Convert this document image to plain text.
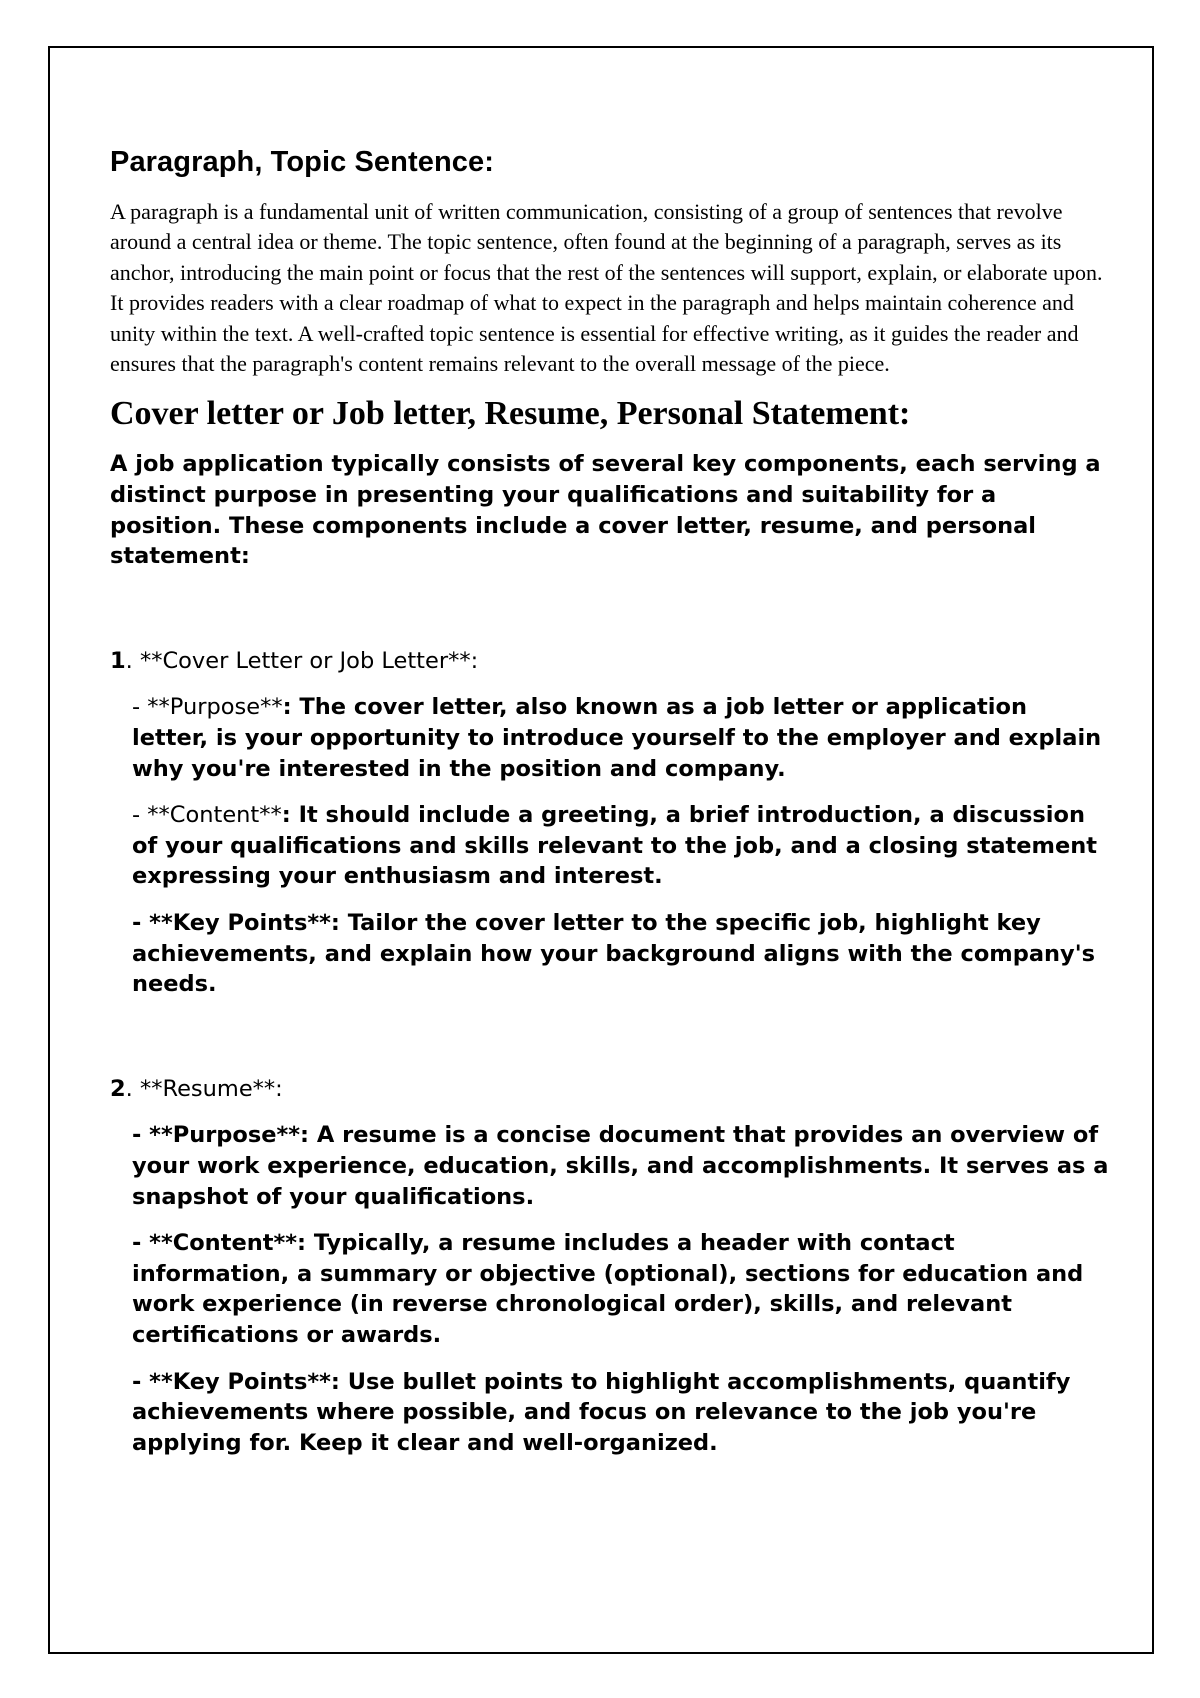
Paragraph, Topic Sentence:

A paragraph is a fundamental unit of written communication, consisting of a group of sentences that revolve around a central idea or theme. The topic sentence, often found at the beginning of a paragraph, serves as its anchor, introducing the main point or focus that the rest of the sentences will support, explain, or elaborate upon. It provides readers with a clear roadmap of what to expect in the paragraph and helps maintain coherence and unity within the text. A well-crafted topic sentence is essential for effective writing, as it guides the reader and ensures that the paragraph's content remains relevant to the overall message of the piece.

Cover letter or Job letter, Resume, Personal Statement:

A job application typically consists of several key components, each serving a distinct purpose in presenting your qualifications and suitability for a position. These components include a cover letter, resume, and personal statement:

1. **Cover Letter or Job Letter**:

- **Purpose**: The cover letter, also known as a job letter or application letter, is your opportunity to introduce yourself to the employer and explain why you're interested in the position and company.

- **Content**: It should include a greeting, a brief introduction, a discussion of your qualifications and skills relevant to the job, and a closing statement expressing your enthusiasm and interest.

- **Key Points**: Tailor the cover letter to the specific job, highlight key achievements, and explain how your background aligns with the company's needs.

2. **Resume**:

- **Purpose**: A resume is a concise document that provides an overview of your work experience, education, skills, and accomplishments. It serves as a snapshot of your qualifications.

- **Content**: Typically, a resume includes a header with contact information, a summary or objective (optional), sections for education and work experience (in reverse chronological order), skills, and relevant certifications or awards.

- **Key Points**: Use bullet points to highlight accomplishments, quantify achievements where possible, and focus on relevance to the job you're applying for. Keep it clear and well-organized.
